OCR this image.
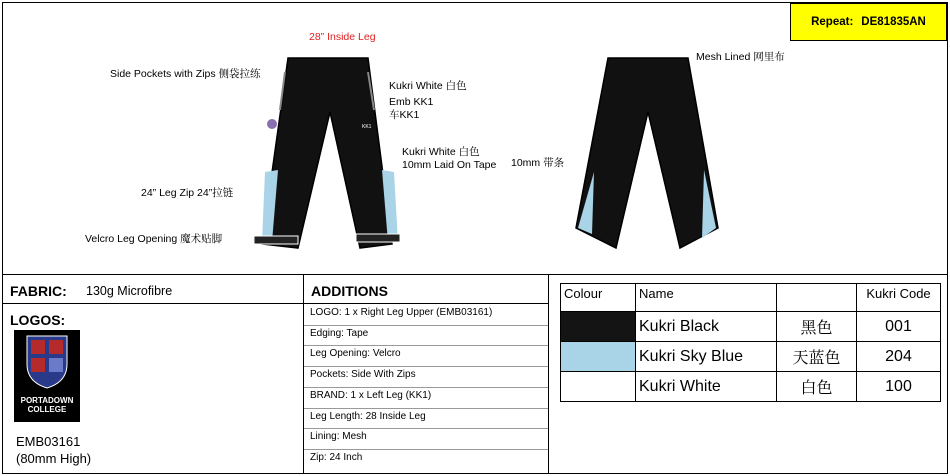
Repeat: DE81835AN
28” Inside Leg
Side Pockets with Zips 侧袋拉练
Kukri White 白色
Emb KK1
车KK1
Kukri White 白色
10mm Laid On Tape
24” Leg Zip 24”拉链
Velcro Leg Opening 魔术贴脚
Mesh Lined 网里布
10mm 带条
KK1
FABRIC: 130g Microfibre
LOGOS:
PORTADOWN
COLLEGE
EMB03161
(80mm High)
ADDITIONS
LOGO: 1 x Right Leg Upper (EMB03161)
Edging: Tape
Leg Opening: Velcro
Pockets: Side With Zips
BRAND: 1 x Left Leg (KK1)
Leg Length: 28 Inside Leg
Lining: Mesh
Zip: 24 Inch
Colour	Name		Kukri Code
	Kukri Black	黑色	001
	Kukri Sky Blue	天蓝色	204
	Kukri White	白色	100
